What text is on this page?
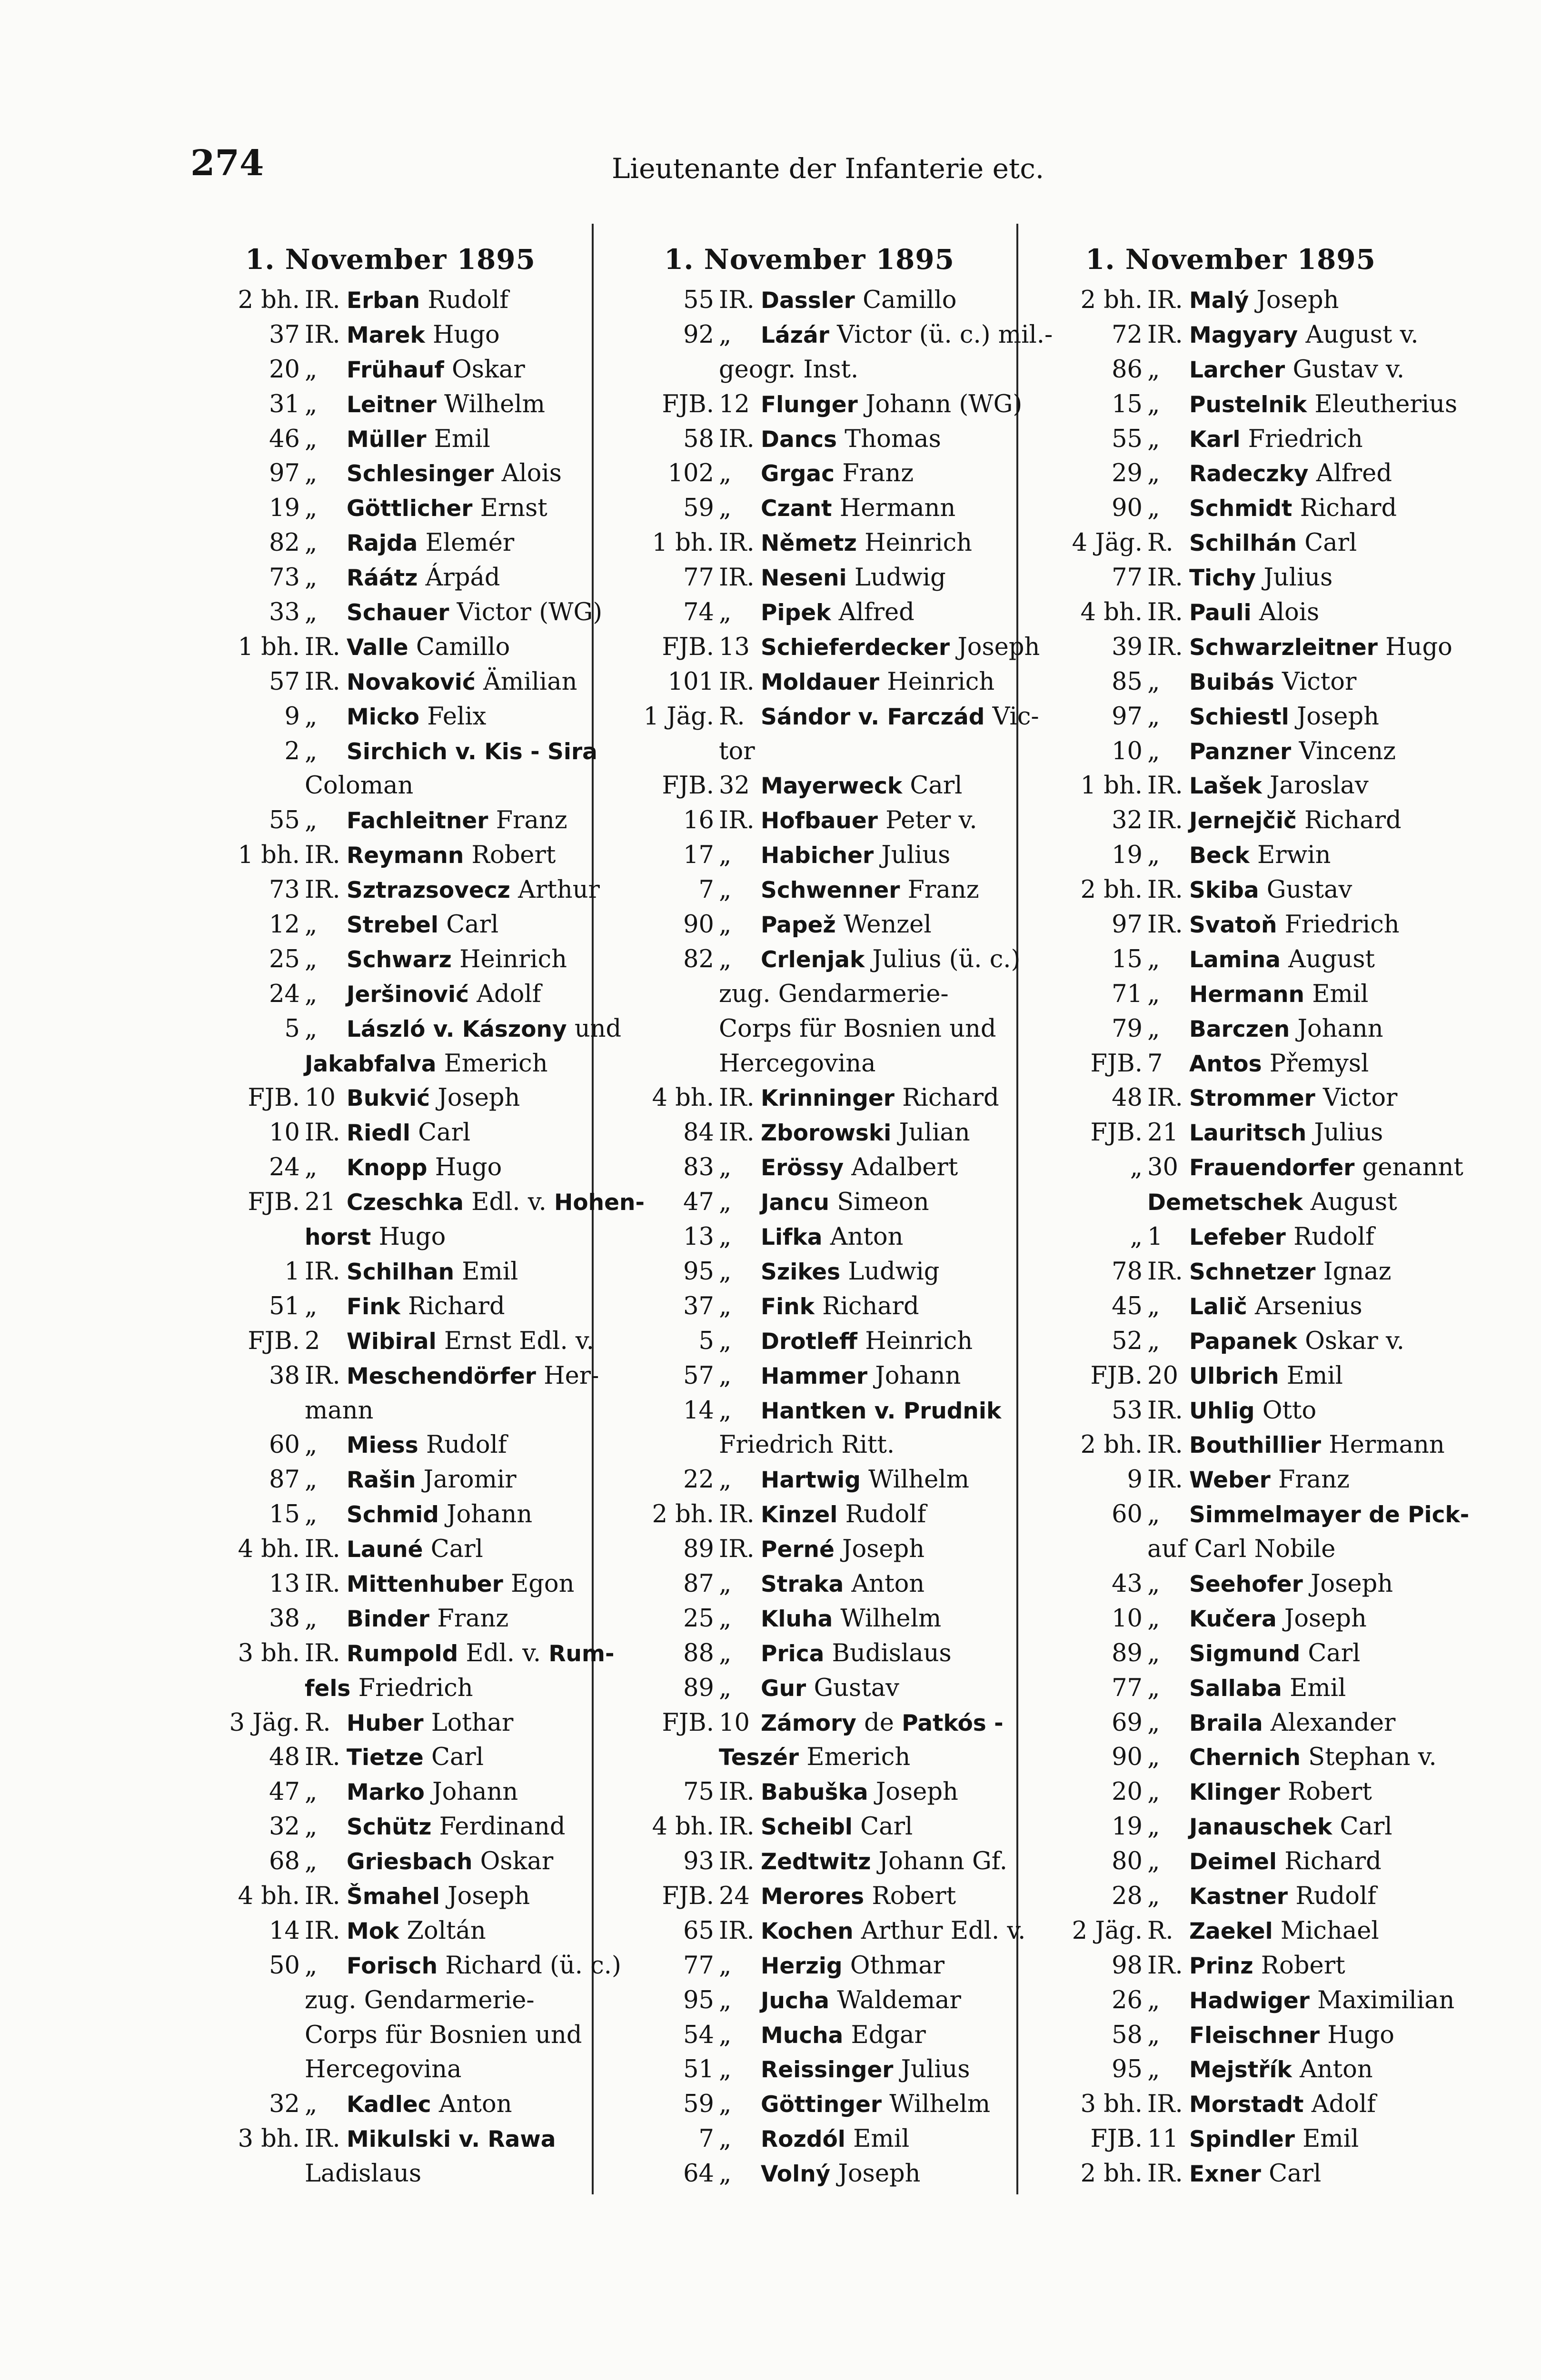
274	Lieutenante der Infanterie etc.
1. November 1895
2 bh. IR. Erban Rudolf
37 IR. Marek Hugo
20 „ Frühauf Oskar
31 „ Leitner Wilhelm
46 „ Müller Emil
97 „ Schlesinger Alois
19 „ Göttlicher Ernst
82 „ Rajda Elemér
73 „ Ráátz Árpád
33 „ Schauer Victor (WG)
1 bh. IR. Valle Camillo
57 IR. Novaković Ämilian
9 „ Micko Felix
2 „ Sirchich v. Kis - Sira
Coloman
55 „ Fachleitner Franz
1 bh. IR. Reymann Robert
73 IR. Sztrazsovecz Arthur
12 „ Strebel Carl
25 „ Schwarz Heinrich
24 „ Jeršinović Adolf
5 „ László v. Kászony und
Jakabfalva Emerich
FJB. 10 Bukvić Joseph
10 IR. Riedl Carl
24 „ Knopp Hugo
FJB. 21 Czeschka Edl. v. Hohen-
horst Hugo
1 IR. Schilhan Emil
51 „ Fink Richard
FJB. 2 Wibiral Ernst Edl. v.
38 IR. Meschendörfer Her-
mann
60 „ Miess Rudolf
87 „ Rašin Jaromir
15 „ Schmid Johann
4 bh. IR. Launé Carl
13 IR. Mittenhuber Egon
38 „ Binder Franz
3 bh. IR. Rumpold Edl. v. Rum-
fels Friedrich
3 Jäg. R. Huber Lothar
48 IR. Tietze Carl
47 „ Marko Johann
32 „ Schütz Ferdinand
68 „ Griesbach Oskar
4 bh. IR. Šmahel Joseph
14 IR. Mok Zoltán
50 „ Forisch Richard (ü. c.)
zug. Gendarmerie-
Corps für Bosnien und
Hercegovina
32 „ Kadlec Anton
3 bh. IR. Mikulski v. Rawa
Ladislaus
1. November 1895
55 IR. Dassler Camillo
92 „ Lázár Victor (ü. c.) mil.-
geogr. Inst.
FJB. 12 Flunger Johann (WG)
58 IR. Dancs Thomas
102 „ Grgac Franz
59 „ Czant Hermann
1 bh. IR. Němetz Heinrich
77 IR. Neseni Ludwig
74 „ Pipek Alfred
FJB. 13 Schieferdecker Joseph
101 IR. Moldauer Heinrich
1 Jäg. R. Sándor v. Farczád Vic-
tor
FJB. 32 Mayerweck Carl
16 IR. Hofbauer Peter v.
17 „ Habicher Julius
7 „ Schwenner Franz
90 „ Papež Wenzel
82 „ Crlenjak Julius (ü. c.)
zug. Gendarmerie-
Corps für Bosnien und
Hercegovina
4 bh. IR. Krinninger Richard
84 IR. Zborowski Julian
83 „ Erössy Adalbert
47 „ Jancu Simeon
13 „ Lifka Anton
95 „ Szikes Ludwig
37 „ Fink Richard
5 „ Drotleff Heinrich
57 „ Hammer Johann
14 „ Hantken v. Prudnik
Friedrich Ritt.
22 „ Hartwig Wilhelm
2 bh. IR. Kinzel Rudolf
89 IR. Perné Joseph
87 „ Straka Anton
25 „ Kluha Wilhelm
88 „ Prica Budislaus
89 „ Gur Gustav
FJB. 10 Zámory de Patkós -
Teszér Emerich
75 IR. Babuška Joseph
4 bh. IR. Scheibl Carl
93 IR. Zedtwitz Johann Gf.
FJB. 24 Merores Robert
65 IR. Kochen Arthur Edl. v.
77 „ Herzig Othmar
95 „ Jucha Waldemar
54 „ Mucha Edgar
51 „ Reissinger Julius
59 „ Göttinger Wilhelm
7 „ Rozdól Emil
64 „ Volný Joseph
1. November 1895
2 bh. IR. Malý Joseph
72 IR. Magyary August v.
86 „ Larcher Gustav v.
15 „ Pustelnik Eleutherius
55 „ Karl Friedrich
29 „ Radeczky Alfred
90 „ Schmidt Richard
4 Jäg. R. Schilhán Carl
77 IR. Tichy Julius
4 bh. IR. Pauli Alois
39 IR. Schwarzleitner Hugo
85 „ Buibás Victor
97 „ Schiestl Joseph
10 „ Panzner Vincenz
1 bh. IR. Lašek Jaroslav
32 IR. Jernejčič Richard
19 „ Beck Erwin
2 bh. IR. Skiba Gustav
97 IR. Svatoň Friedrich
15 „ Lamina August
71 „ Hermann Emil
79 „ Barczen Johann
FJB. 7 Antos Přemysl
48 IR. Strommer Victor
FJB. 21 Lauritsch Julius
„ 30 Frauendorfer genannt
Demetschek August
„ 1 Lefeber Rudolf
78 IR. Schnetzer Ignaz
45 „ Lalič Arsenius
52 „ Papanek Oskar v.
FJB. 20 Ulbrich Emil
53 IR. Uhlig Otto
2 bh. IR. Bouthillier Hermann
9 IR. Weber Franz
60 „ Simmelmayer de Pick-
auf Carl Nobile
43 „ Seehofer Joseph
10 „ Kučera Joseph
89 „ Sigmund Carl
77 „ Sallaba Emil
69 „ Braila Alexander
90 „ Chernich Stephan v.
20 „ Klinger Robert
19 „ Janauschek Carl
80 „ Deimel Richard
28 „ Kastner Rudolf
2 Jäg. R. Zaekel Michael
98 IR. Prinz Robert
26 „ Hadwiger Maximilian
58 „ Fleischner Hugo
95 „ Mejstřík Anton
3 bh. IR. Morstadt Adolf
FJB. 11 Spindler Emil
2 bh. IR. Exner Carl
